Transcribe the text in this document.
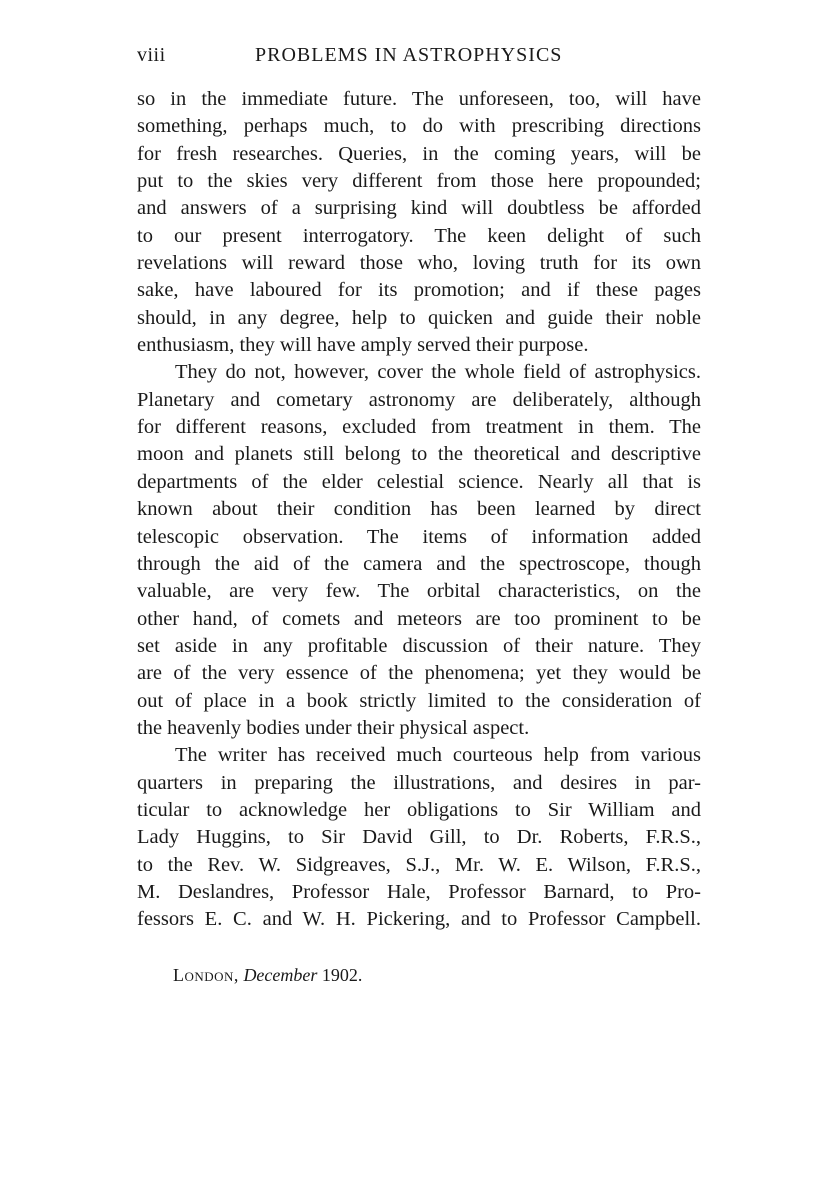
viii	PROBLEMS IN ASTROPHYSICS
so in the immediate future. The unforeseen, too, will have
something, perhaps much, to do with prescribing directions
for fresh researches. Queries, in the coming years, will be
put to the skies very different from those here propounded;
and answers of a surprising kind will doubtless be afforded
to our present interrogatory. The keen delight of such
revelations will reward those who, loving truth for its own
sake, have laboured for its promotion; and if these pages
should, in any degree, help to quicken and guide their noble
enthusiasm, they will have amply served their purpose.
They do not, however, cover the whole field of astrophysics.
Planetary and cometary astronomy are deliberately, although
for different reasons, excluded from treatment in them. The
moon and planets still belong to the theoretical and descriptive
departments of the elder celestial science. Nearly all that is
known about their condition has been learned by direct
telescopic observation. The items of information added
through the aid of the camera and the spectroscope, though
valuable, are very few. The orbital characteristics, on the
other hand, of comets and meteors are too prominent to be
set aside in any profitable discussion of their nature. They
are of the very essence of the phenomena; yet they would be
out of place in a book strictly limited to the consideration of
the heavenly bodies under their physical aspect.
The writer has received much courteous help from various
quarters in preparing the illustrations, and desires in par-
ticular to acknowledge her obligations to Sir William and
Lady Huggins, to Sir David Gill, to Dr. Roberts, F.R.S.,
to the Rev. W. Sidgreaves, S.J., Mr. W. E. Wilson, F.R.S.,
M. Deslandres, Professor Hale, Professor Barnard, to Pro-
fessors E. C. and W. H. Pickering, and to Professor Campbell.
London, December 1902.
